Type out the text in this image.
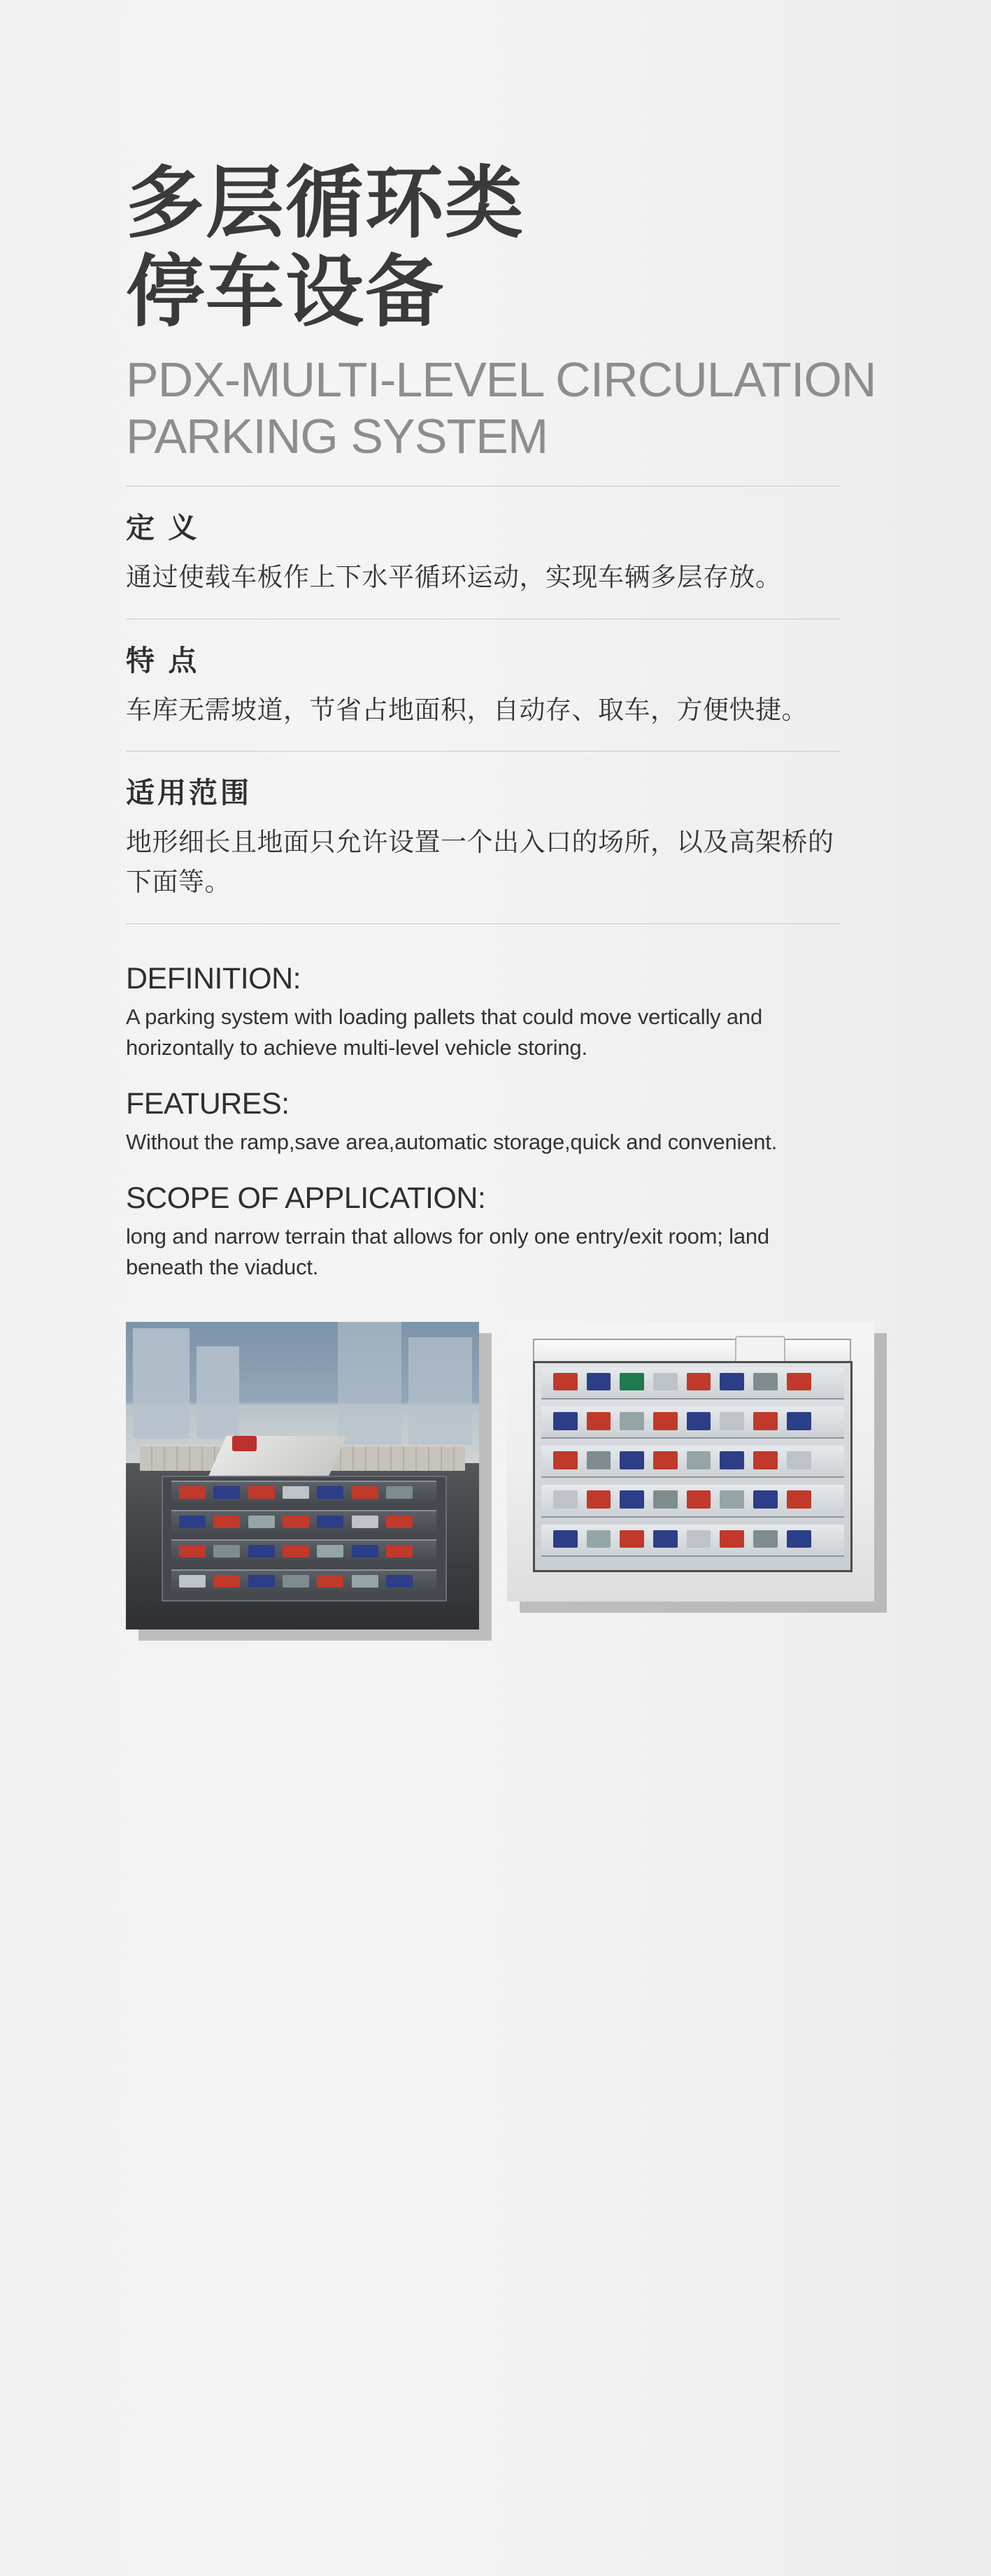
多层循环类
停车设备
PDX-MULTI-LEVEL CIRCULATION PARKING SYSTEM
定 义
通过使载车板作上下水平循环运动，实现车辆多层存放。
特 点
车库无需坡道，节省占地面积，自动存、取车，方便快捷。
适用范围
地形细长且地面只允许设置一个出入口的场所，以及高架桥的下面等。
DEFINITION:
A parking system with loading pallets that could move vertically and horizontally to achieve multi-level vehicle storing.
FEATURES:
Without the ramp,save area,automatic storage,quick and convenient.
SCOPE OF APPLICATION:
long and narrow terrain that allows for only one entry/exit room; land beneath the viaduct.
